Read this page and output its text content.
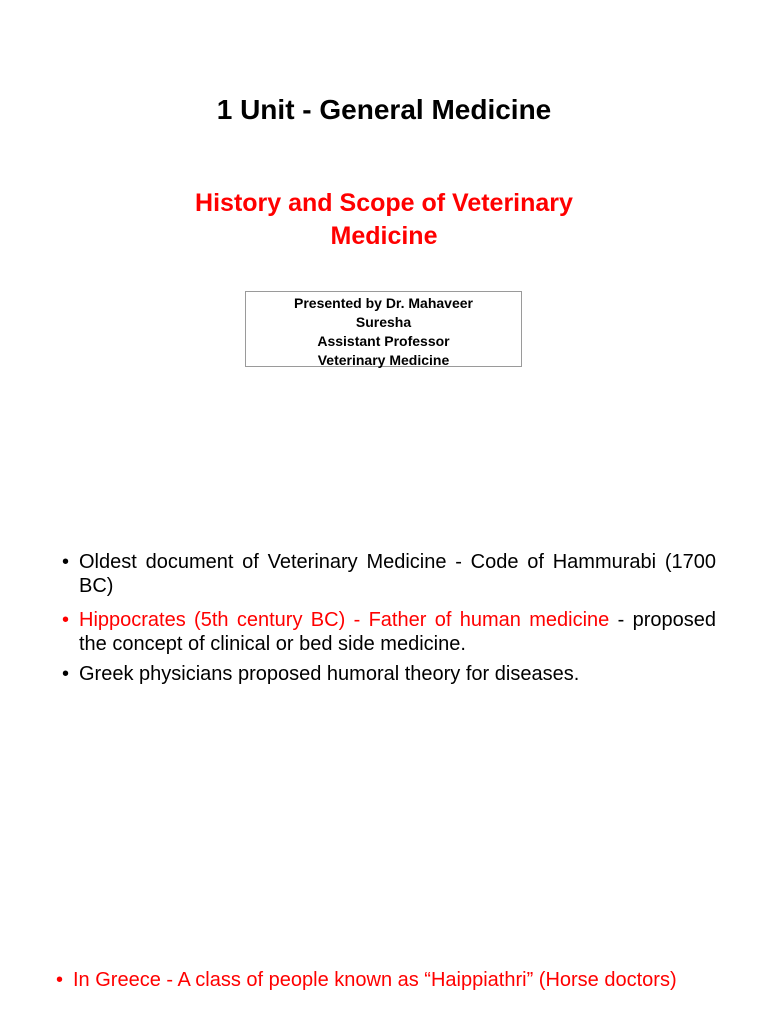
1 Unit - General Medicine
History and Scope of Veterinary Medicine
Presented by Dr. Mahaveer
Suresha
Assistant Professor
Veterinary Medicine
• Oldest document of Veterinary Medicine - Code of Hammurabi (1700 BC)
• Hippocrates (5th century BC) - Father of human medicine - proposed the concept of clinical or bed side medicine.
• Greek physicians proposed humoral theory for diseases.
• In Greece - A class of people known as “Haippiathri” (Horse doctors)
